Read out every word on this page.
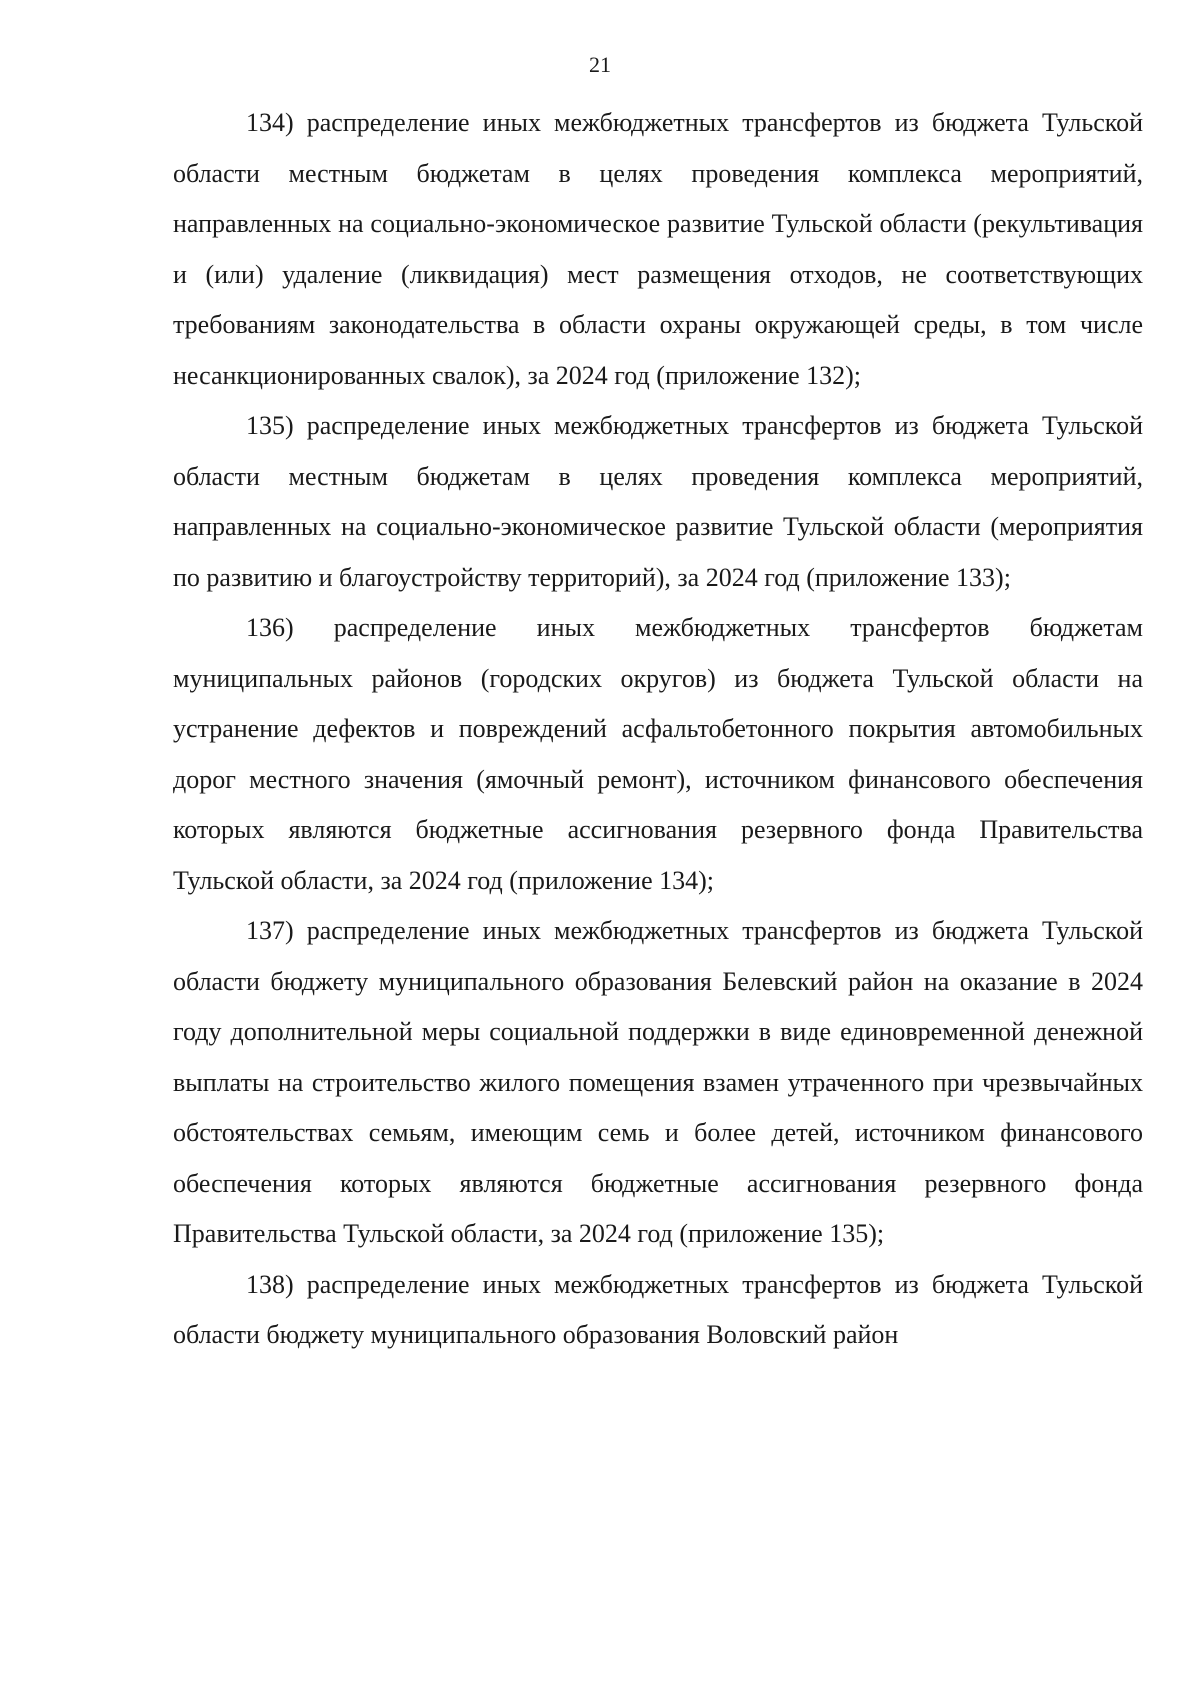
21

134) распределение иных межбюджетных трансфертов из бюджета Тульской области местным бюджетам в целях проведения комплекса мероприятий, направленных на социально-экономическое развитие Тульской области (рекультивация и (или) удаление (ликвидация) мест размещения отходов, не соответствующих требованиям законодательства в области охраны окружающей среды, в том числе несанкционированных свалок), за 2024 год (приложение 132);

135) распределение иных межбюджетных трансфертов из бюджета Тульской области местным бюджетам в целях проведения комплекса мероприятий, направленных на социально-экономическое развитие Тульской области (мероприятия по развитию и благоустройству территорий), за 2024 год (приложение 133);

136) распределение иных межбюджетных трансфертов бюджетам муниципальных районов (городских округов) из бюджета Тульской области на устранение дефектов и повреждений асфальтобетонного покрытия автомобильных дорог местного значения (ямочный ремонт), источником финансового обеспечения которых являются бюджетные ассигнования резервного фонда Правительства Тульской области, за 2024 год (приложение 134);

137) распределение иных межбюджетных трансфертов из бюджета Тульской области бюджету муниципального образования Белевский район на оказание в 2024 году дополнительной меры социальной поддержки в виде единовременной денежной выплаты на строительство жилого помещения взамен утраченного при чрезвычайных обстоятельствах семьям, имеющим семь и более детей, источником финансового обеспечения которых являются бюджетные ассигнования резервного фонда Правительства Тульской области, за 2024 год (приложение 135);

138) распределение иных межбюджетных трансфертов из бюджета Тульской области бюджету муниципального образования Воловский район
